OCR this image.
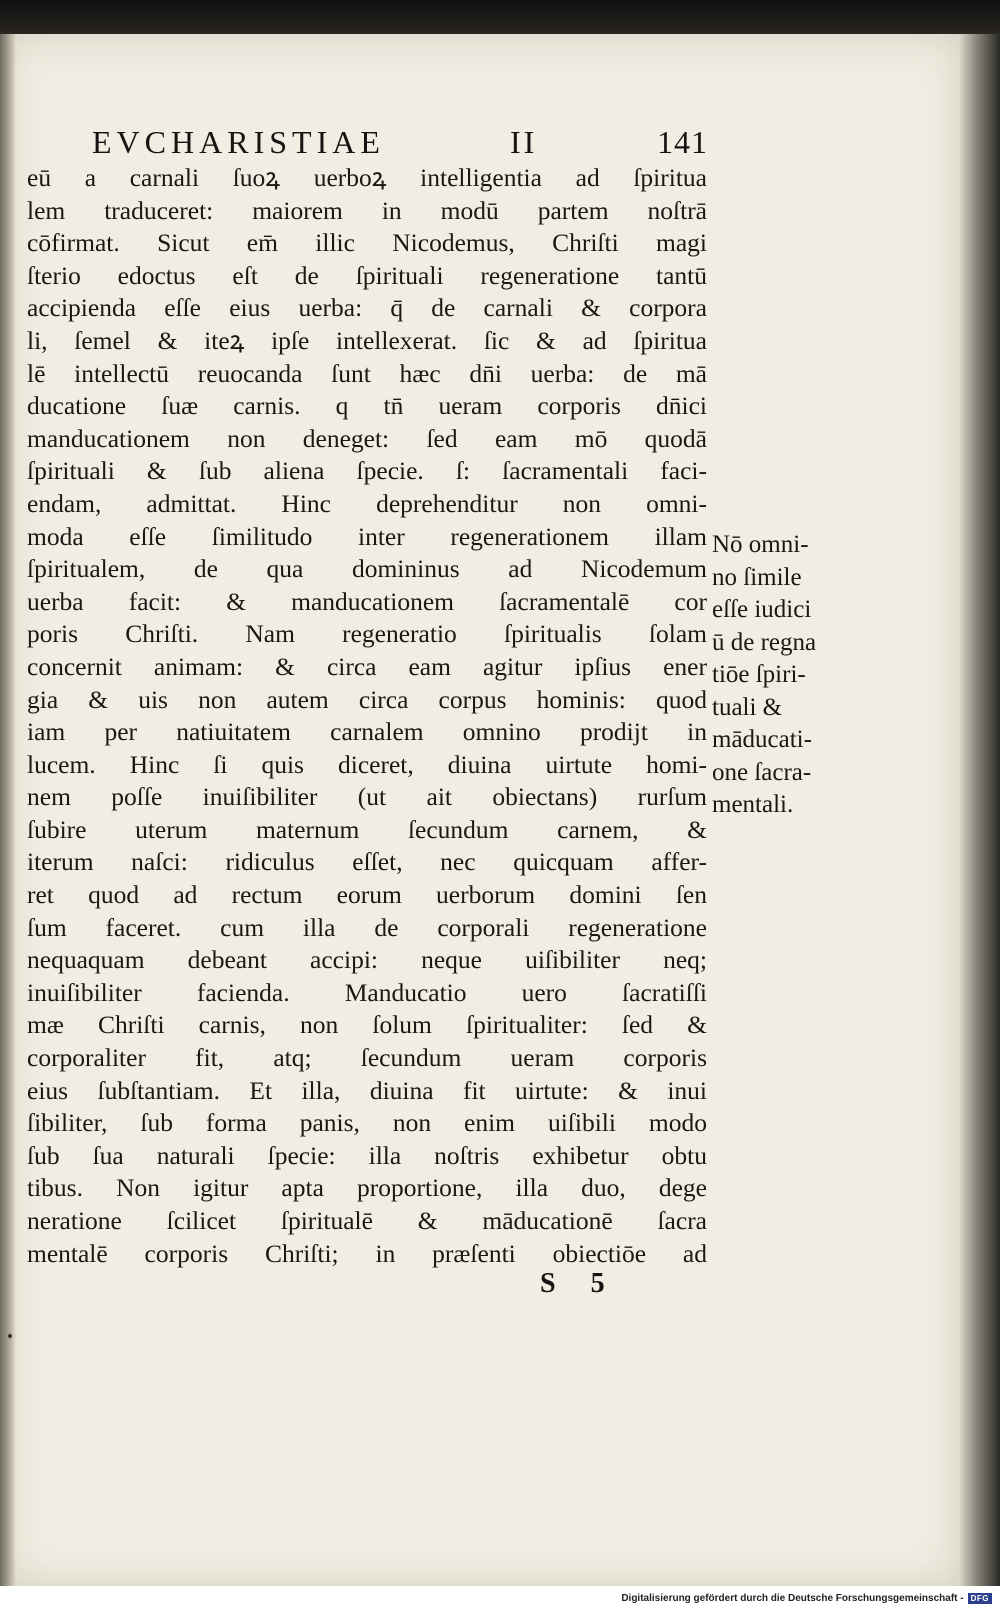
EVCHARISTIAE	II	141
eū a carnali ſuoꝝ uerboꝝ intelligentia ad ſpiritua
lem traduceret: maiorem in modū partem noſtrā
cōfirmat. Sicut em̄ illic Nicodemus, Chriſti magi
ſterio edoctus eſt de ſpirituali regeneratione tantū
accipienda eſſe eius uerba: q̄ de carnali & corpora
li, ſemel & iteꝝ ipſe intellexerat. ſic & ad ſpiritua
lē intellectū reuocanda ſunt hæc dn̄i uerba: de mā
ducatione ſuæ carnis. q tn̄ ueram corporis dn̄ici
manducationem non deneget: ſed eam mō quodā
ſpirituali & ſub aliena ſpecie. ſ: ſacramentali faci-
endam, admittat. Hinc deprehenditur non omni-
moda eſſe ſimilitudo inter regenerationem illam
ſpiritualem, de qua domininus ad Nicodemum
uerba facit: & manducationem ſacramentalē cor
poris Chriſti. Nam regeneratio ſpiritualis ſolam
concernit animam: & circa eam agitur ipſius ener
gia & uis non autem circa corpus hominis: quod
iam per natiuitatem carnalem omnino prodijt in
lucem. Hinc ſi quis diceret, diuina uirtute homi-
nem poſſe inuiſibiliter (ut ait obiectans) rurſum
ſubire uterum maternum ſecundum carnem, &
iterum naſci: ridiculus eſſet, nec quicquam affer-
ret quod ad rectum eorum uerborum domini ſen
ſum faceret. cum illa de corporali regeneratione
nequaquam debeant accipi: neque uiſibiliter neq;
inuiſibiliter facienda. Manducatio uero ſacratiſſi
mæ Chriſti carnis, non ſolum ſpiritualiter: ſed &
corporaliter fit, atq; ſecundum ueram corporis
eius ſubſtantiam. Et illa, diuina fit uirtute: & inui
ſibiliter, ſub forma panis, non enim uiſibili modo
ſub ſua naturali ſpecie: illa noſtris exhibetur obtu
tibus. Non igitur apta proportione, illa duo, dege
neratione ſcilicet ſpiritualē & māducationē ſacra
mentalē corporis Chriſti; in præſenti obiectiōe ad
S 5
Nō omni-
no ſimile
eſſe iudici
ū de regna
tiōe ſpiri-
tuali &
māducati-
one ſacra-
mentali.
Digitalisierung gefördert durch die Deutsche Forschungsgemeinschaft - DFG
